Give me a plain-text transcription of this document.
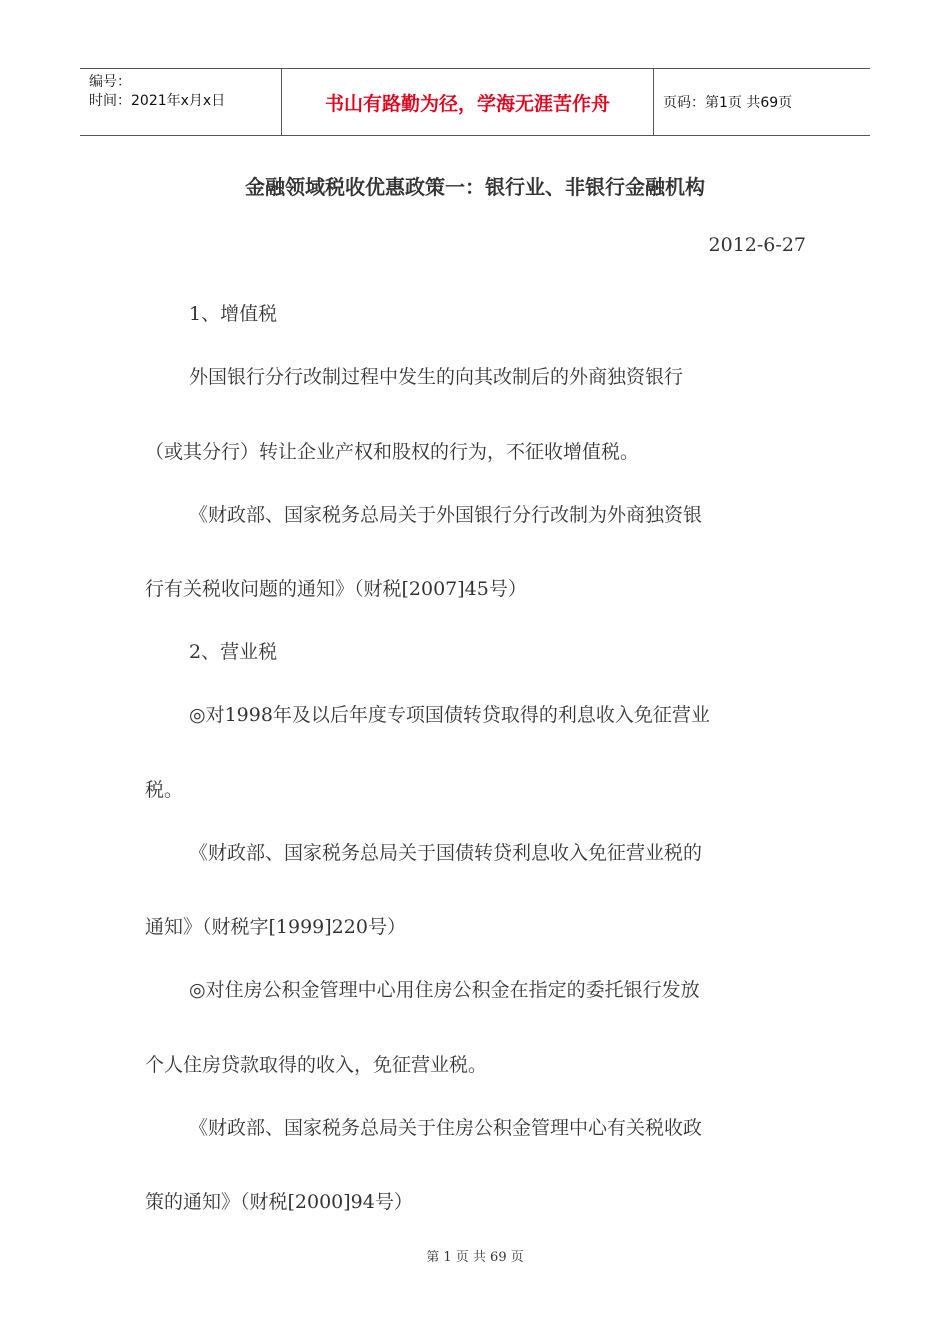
编号：
时间：2021年x月x日	书山有路勤为径，学海无涯苦作舟	页码：第1页 共69页
金融领域税收优惠政策一：银行业、非银行金融机构
2012-6-27
1、增值税
外国银行分行改制过程中发生的向其改制后的外商独资银行
（或其分行）转让企业产权和股权的行为，不征收增值税。
《财政部、国家税务总局关于外国银行分行改制为外商独资银
行有关税收问题的通知》（财税[2007]45号）
2、营业税
◎对1998年及以后年度专项国债转贷取得的利息收入免征营业
税。
《财政部、国家税务总局关于国债转贷利息收入免征营业税的
通知》（财税字[1999]220号）
◎对住房公积金管理中心用住房公积金在指定的委托银行发放
个人住房贷款取得的收入，免征营业税。
《财政部、国家税务总局关于住房公积金管理中心有关税收政
策的通知》（财税[2000]94号）
第 1 页 共 69 页
